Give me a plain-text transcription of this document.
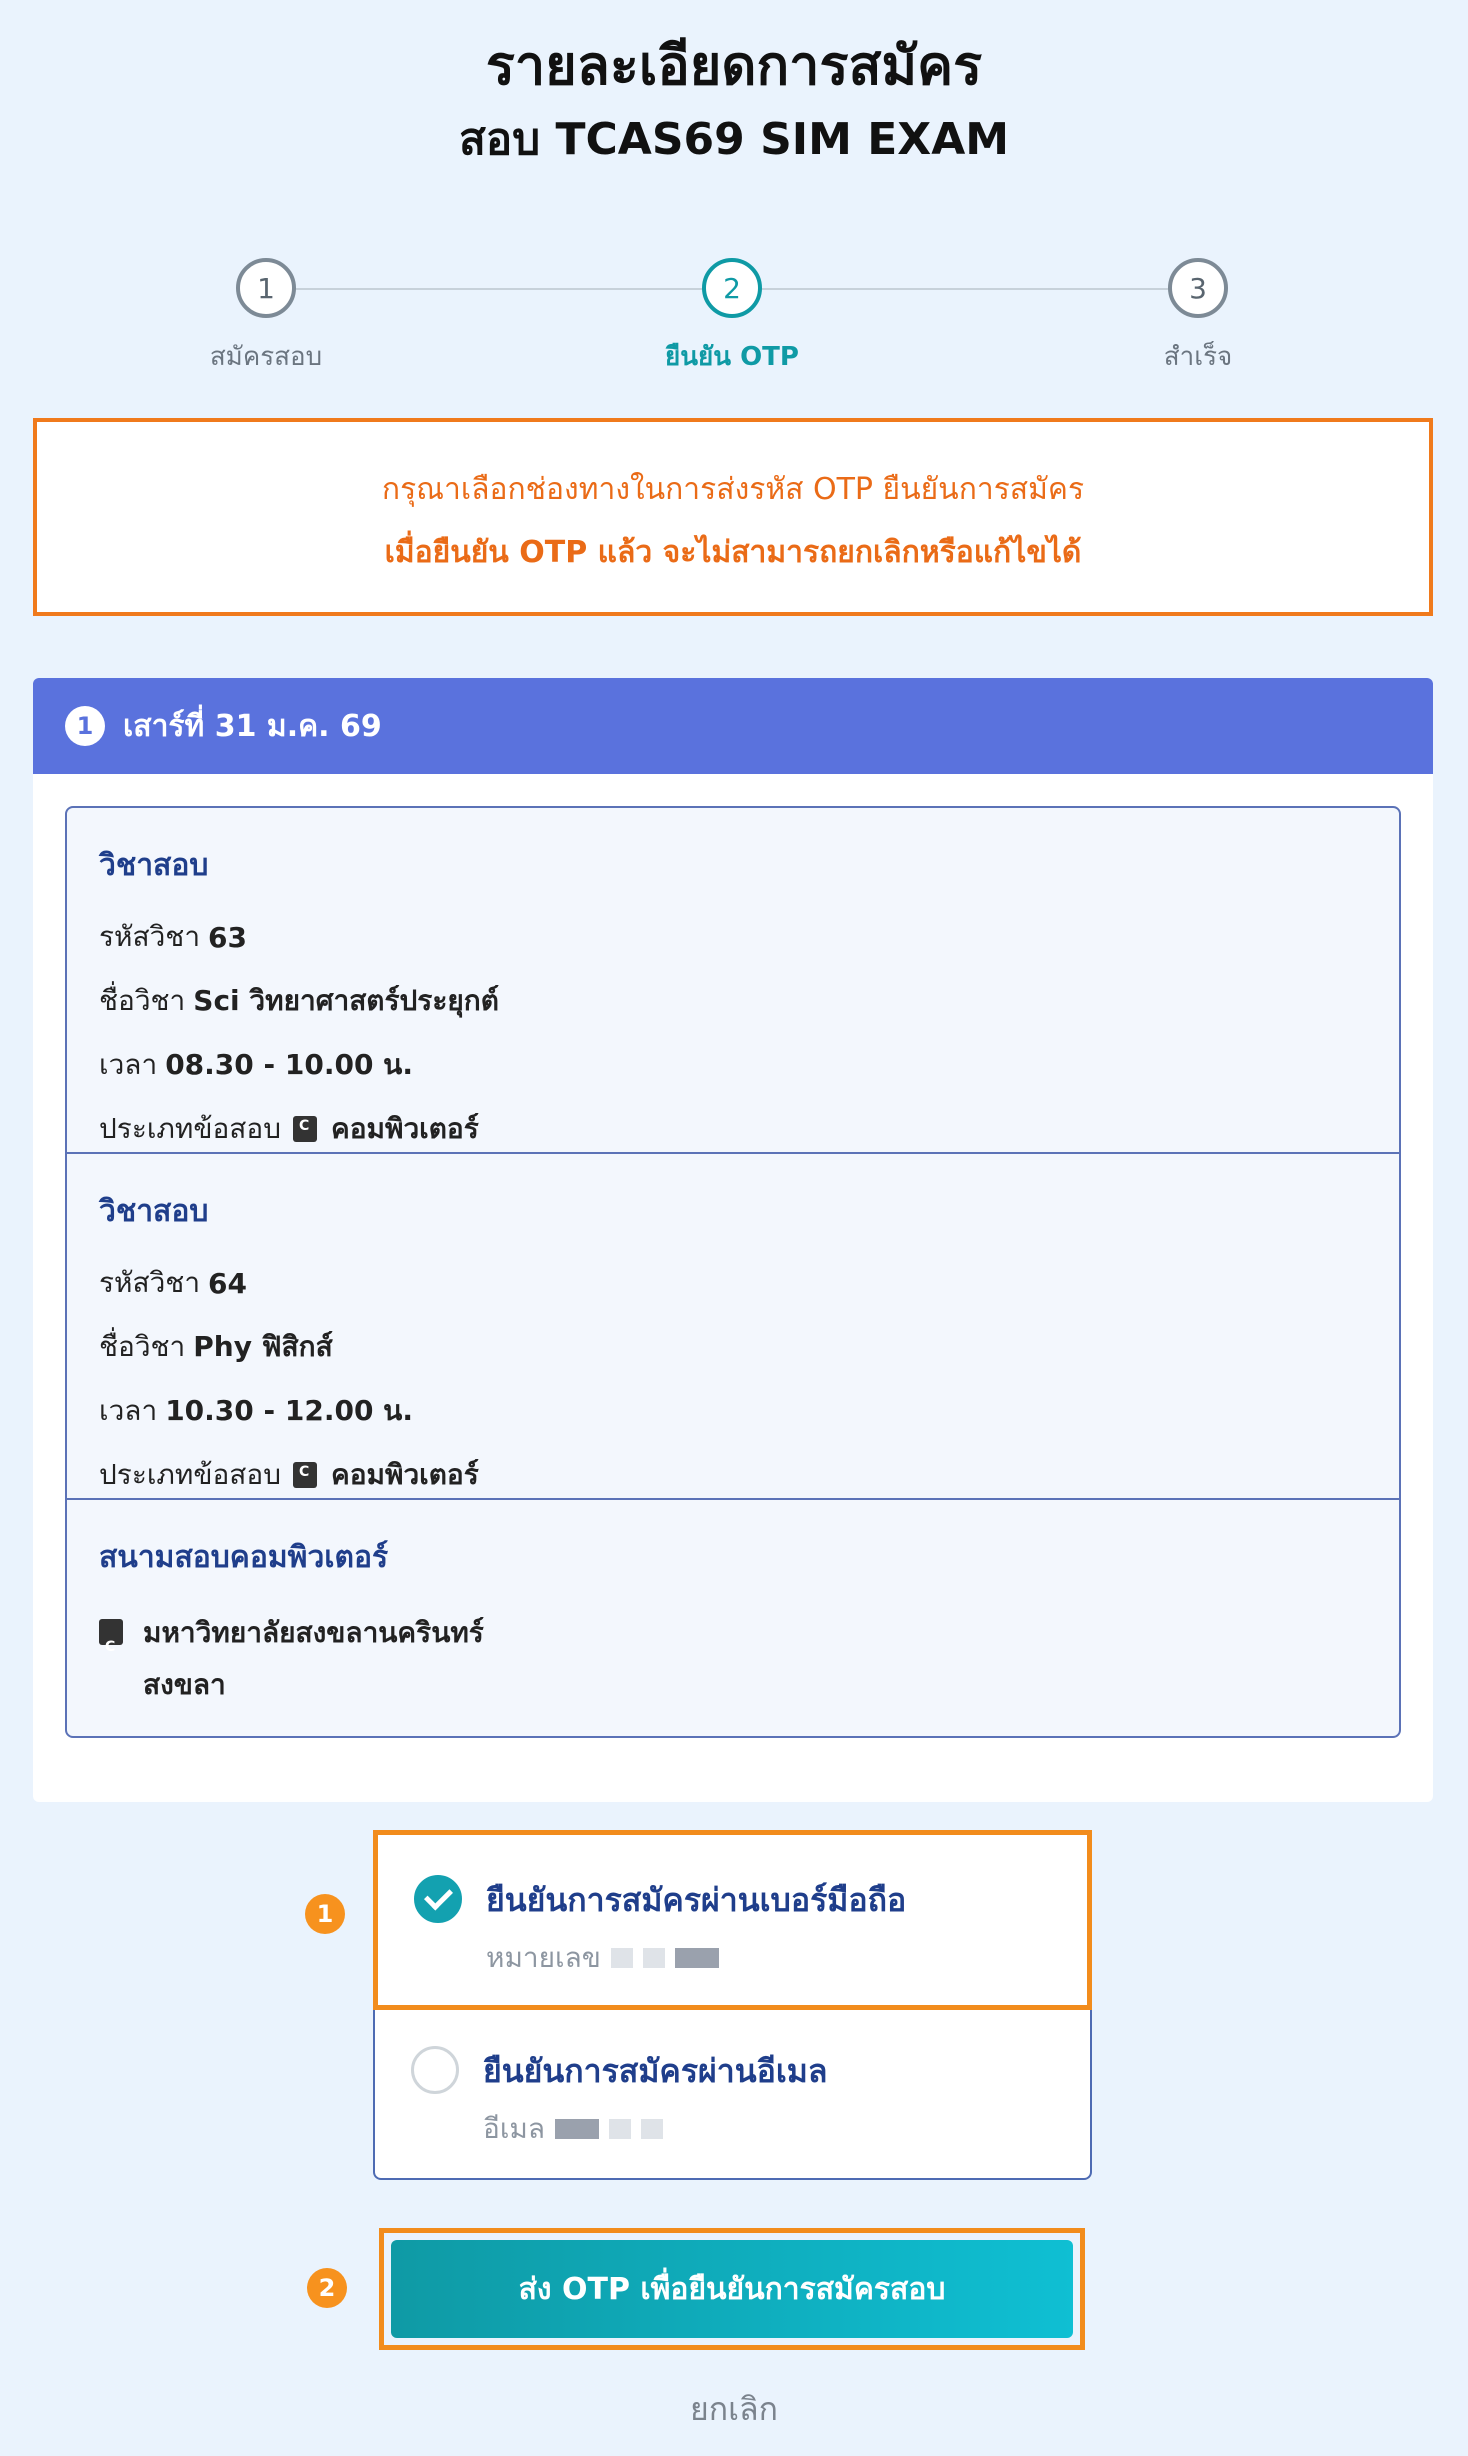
รายละเอียดการสมัคร
สอบ TCAS69 SIM EXAM
1
สมัครสอบ
2
ยืนยัน OTP
3
สำเร็จ
กรุณาเลือกช่องทางในการส่งรหัส OTP ยืนยันการสมัคร
เมื่อยืนยัน OTP แล้ว จะไม่สามารถยกเลิกหรือแก้ไขได้
1 เสาร์ที่ 31 ม.ค. 69
วิชาสอบ
รหัสวิชา 63
ชื่อวิชา Sci วิทยาศาสตร์ประยุกต์
เวลา 08.30 - 10.00 น.
ประเภทข้อสอบ C คอมพิวเตอร์
วิชาสอบ
รหัสวิชา 64
ชื่อวิชา Phy ฟิสิกส์
เวลา 10.30 - 12.00 น.
ประเภทข้อสอบ C คอมพิวเตอร์
สนามสอบคอมพิวเตอร์
C
มหาวิทยาลัยสงขลานครินทร์
สงขลา
1	ยืนยันการสมัครผ่านเบอร์มือถือ
หมายเลข
ยืนยันการสมัครผ่านอีเมล
อีเมล
2	ส่ง OTP เพื่อยืนยันการสมัครสอบ
ยกเลิก
